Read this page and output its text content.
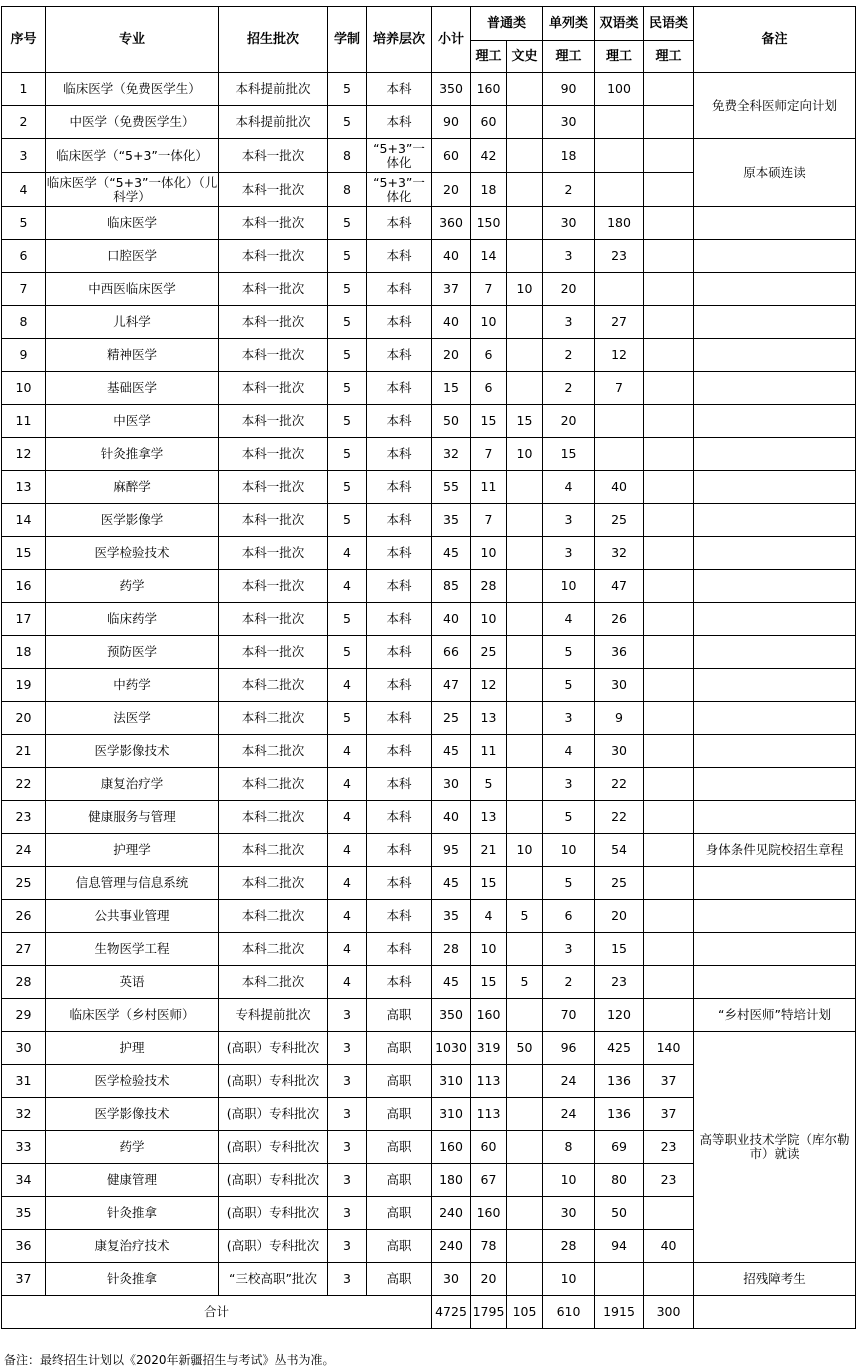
序号	专业	招生批次	学制	培养层次	小计	普通类		单列类	双语类	民语类	备注
						理工	文史	理工	理工	理工	
1	临床医学（免费医学生）	本科提前批次	5	本科	350	160		90	100		免费全科医师定向计划
2	中医学（免费医学生）	本科提前批次	5	本科	90	60		30			
3	临床医学（“5+3”一体化）	本科一批次	8	“5+3”一体化	60	42		18			原本硕连读
4	临床医学（“5+3”一体化）（儿科学）	本科一批次	8	“5+3”一体化	20	18		2			
5	临床医学	本科一批次	5	本科	360	150		30	180		
6	口腔医学	本科一批次	5	本科	40	14		3	23		
7	中西医临床医学	本科一批次	5	本科	37	7	10	20			
8	儿科学	本科一批次	5	本科	40	10		3	27		
9	精神医学	本科一批次	5	本科	20	6		2	12		
10	基础医学	本科一批次	5	本科	15	6		2	7		
11	中医学	本科一批次	5	本科	50	15	15	20			
12	针灸推拿学	本科一批次	5	本科	32	7	10	15			
13	麻醉学	本科一批次	5	本科	55	11		4	40		
14	医学影像学	本科一批次	5	本科	35	7		3	25		
15	医学检验技术	本科一批次	4	本科	45	10		3	32		
16	药学	本科一批次	4	本科	85	28		10	47		
17	临床药学	本科一批次	5	本科	40	10		4	26		
18	预防医学	本科一批次	5	本科	66	25		5	36		
19	中药学	本科二批次	4	本科	47	12		5	30		
20	法医学	本科二批次	5	本科	25	13		3	9		
21	医学影像技术	本科二批次	4	本科	45	11		4	30		
22	康复治疗学	本科二批次	4	本科	30	5		3	22		
23	健康服务与管理	本科二批次	4	本科	40	13		5	22		
24	护理学	本科二批次	4	本科	95	21	10	10	54		身体条件见院校招生章程
25	信息管理与信息系统	本科二批次	4	本科	45	15		5	25		
26	公共事业管理	本科二批次	4	本科	35	4	5	6	20		
27	生物医学工程	本科二批次	4	本科	28	10		3	15		
28	英语	本科二批次	4	本科	45	15	5	2	23		
29	临床医学（乡村医师）	专科提前批次	3	高职	350	160		70	120		“乡村医师”特培计划
30	护理	(高职）专科批次	3	高职	1030	319	50	96	425	140	高等职业技术学院（库尔勒市）就读
31	医学检验技术	(高职）专科批次	3	高职	310	113		24	136	37	
32	医学影像技术	(高职）专科批次	3	高职	310	113		24	136	37	
33	药学	(高职）专科批次	3	高职	160	60		8	69	23	
34	健康管理	(高职）专科批次	3	高职	180	67		10	80	23	
35	针灸推拿	(高职）专科批次	3	高职	240	160		30	50		
36	康复治疗技术	(高职）专科批次	3	高职	240	78		28	94	40	
37	针灸推拿	“三校高职”批次	3	高职	30	20		10			招残障考生
合计					4725	1795	105	610	1915	300	
备注：最终招生计划以《2020年新疆招生与考试》丛书为准。
